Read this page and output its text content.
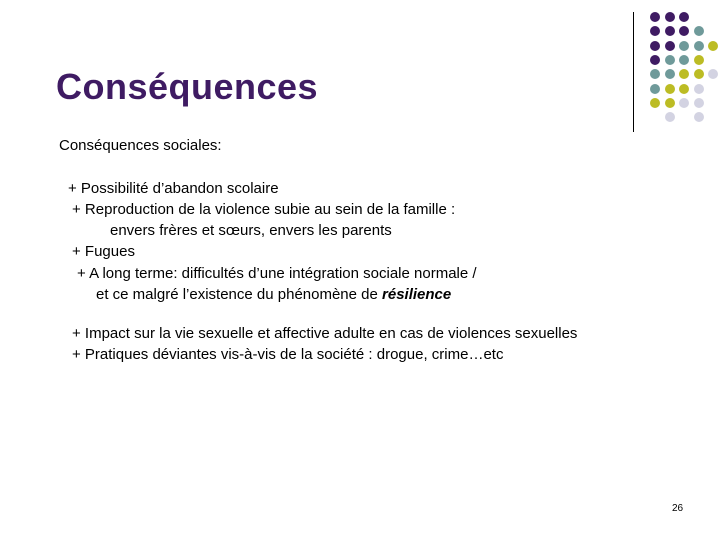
Conséquences
Conséquences sociales:
+ Possibilité d’abandon scolaire
+ Reproduction de la violence subie au sein de la famille :
envers frères et sœurs, envers les parents
+ Fugues
+ A long terme: difficultés d’une intégration sociale normale /
et ce malgré l’existence du phénomène de résilience
+ Impact sur la vie sexuelle et affective adulte en cas de violences sexuelles
+ Pratiques déviantes vis-à-vis de la société : drogue, crime…etc
26
